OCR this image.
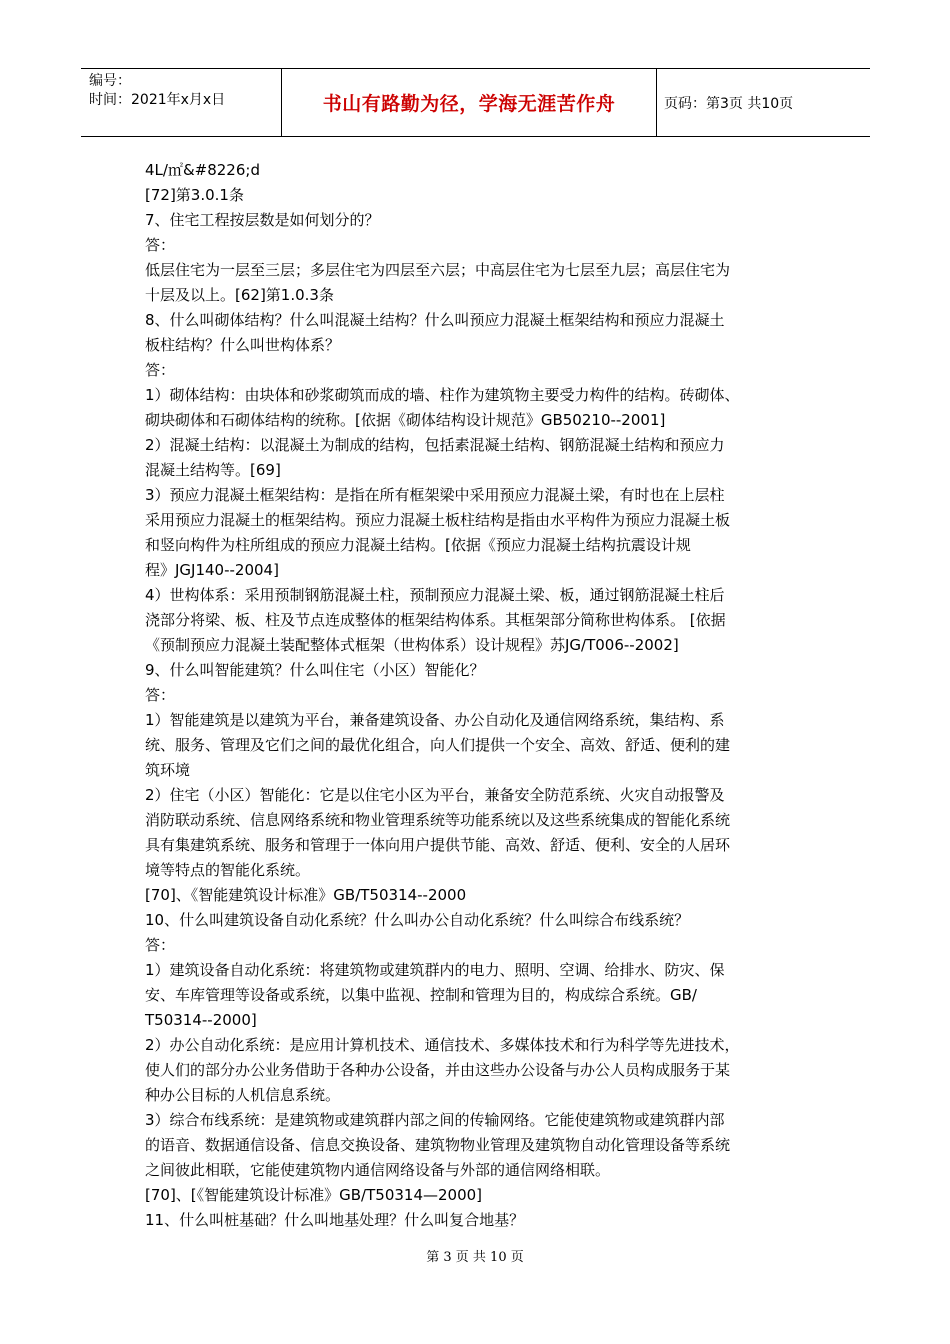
编号：
时间：2021年x月x日	书山有路勤为径，学海无涯苦作舟	页码：第3页 共10页

4L/㎡&#8226;d

[72]第3.0.1条

7、住宅工程按层数是如何划分的？

答：

低层住宅为一层至三层；多层住宅为四层至六层；中高层住宅为七层至九层；高层住宅为

十层及以上。[62]第1.0.3条

8、什么叫砌体结构？什么叫混凝土结构？什么叫预应力混凝土框架结构和预应力混凝土

板柱结构？什么叫世构体系？

答：

1）砌体结构：由块体和砂浆砌筑而成的墙、柱作为建筑物主要受力构件的结构。砖砌体、

砌块砌体和石砌体结构的统称。[依据《砌体结构设计规范》GB50210--2001]

2）混凝土结构：以混凝土为制成的结构，包括素混凝土结构、钢筋混凝土结构和预应力

混凝土结构等。[69]

3）预应力混凝土框架结构：是指在所有框架梁中采用预应力混凝土梁，有时也在上层柱

采用预应力混凝土的框架结构。预应力混凝土板柱结构是指由水平构件为预应力混凝土板

和竖向构件为柱所组成的预应力混凝土结构。[依据《预应力混凝土结构抗震设计规

程》JGJ140--2004]

4）世构体系：采用预制钢筋混凝土柱，预制预应力混凝土梁、板，通过钢筋混凝土柱后

浇部分将梁、板、柱及节点连成整体的框架结构体系。其框架部分简称世构体系。 [依据

《预制预应力混凝土装配整体式框架（世构体系）设计规程》苏JG/T006--2002]

9、什么叫智能建筑？什么叫住宅（小区）智能化？

答：

1）智能建筑是以建筑为平台，兼备建筑设备、办公自动化及通信网络系统，集结构、系

统、服务、管理及它们之间的最优化组合，向人们提供一个安全、高效、舒适、便利的建

筑环境

2）住宅（小区）智能化：它是以住宅小区为平台，兼备安全防范系统、火灾自动报警及

消防联动系统、信息网络系统和物业管理系统等功能系统以及这些系统集成的智能化系统

具有集建筑系统、服务和管理于一体向用户提供节能、高效、舒适、便利、安全的人居环

境等特点的智能化系统。

[70]、《智能建筑设计标准》GB/T50314--2000

10、什么叫建筑设备自动化系统？什么叫办公自动化系统？什么叫综合布线系统？

答：

1）建筑设备自动化系统：将建筑物或建筑群内的电力、照明、空调、给排水、防灾、保

安、车库管理等设备或系统，以集中监视、控制和管理为目的，构成综合系统。GB/

T50314--2000]

2）办公自动化系统：是应用计算机技术、通信技术、多媒体技术和行为科学等先进技术，

使人们的部分办公业务借助于各种办公设备，并由这些办公设备与办公人员构成服务于某

种办公目标的人机信息系统。

3）综合布线系统：是建筑物或建筑群内部之间的传输网络。它能使建筑物或建筑群内部

的语音、数据通信设备、信息交换设备、建筑物物业管理及建筑物自动化管理设备等系统

之间彼此相联，它能使建筑物内通信网络设备与外部的通信网络相联。

[70]、[《智能建筑设计标准》GB/T50314—2000]

11、什么叫桩基础？什么叫地基处理？什么叫复合地基？

第 3 页 共 10 页
